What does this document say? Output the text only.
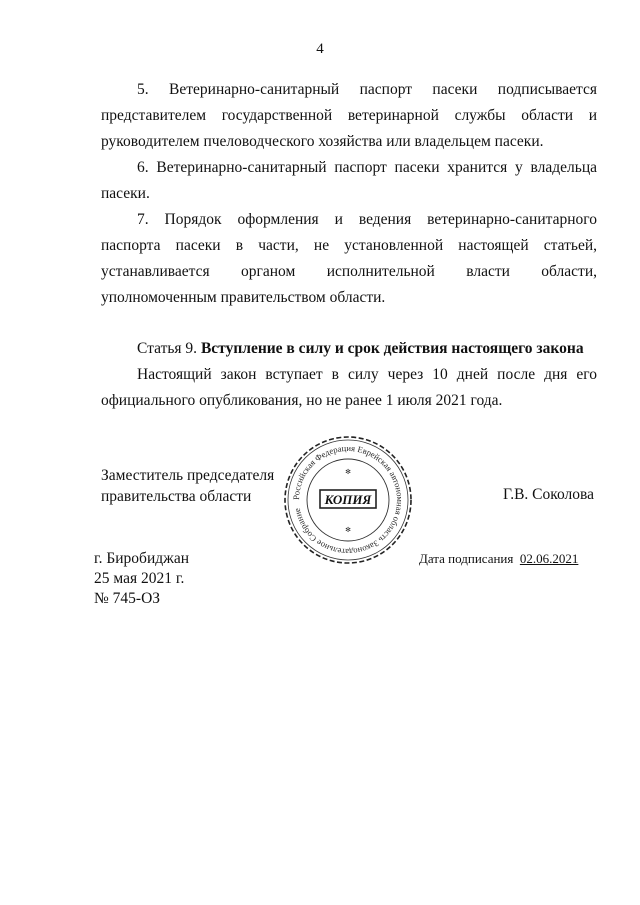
4

5. Ветеринарно-санитарный паспорт пасеки подписывается представителем государственной ветеринарной службы области и руководителем пчеловодческого хозяйства или владельцем пасеки.

6. Ветеринарно-санитарный паспорт пасеки хранится у владельца пасеки.

7. Порядок оформления и ведения ветеринарно-санитарного паспорта пасеки в части, не установленной настоящей статьей, устанавливается органом исполнительной власти области, уполномоченным правительством области.

Статья 9. Вступление в силу и срок действия настоящего закона

Настоящий закон вступает в силу через 10 дней после дня его официального опубликования, но не ранее 1 июля 2021 года.

Заместитель председателя
правительства области	Российская Федерация Еврейская автономная область Законодательное Собрание
КОПИЯ
✻
✻
Г.В. Соколова
г. Биробиджан
25 мая 2021 г.
№ 745-ОЗ
Дата подписания 02.06.2021
